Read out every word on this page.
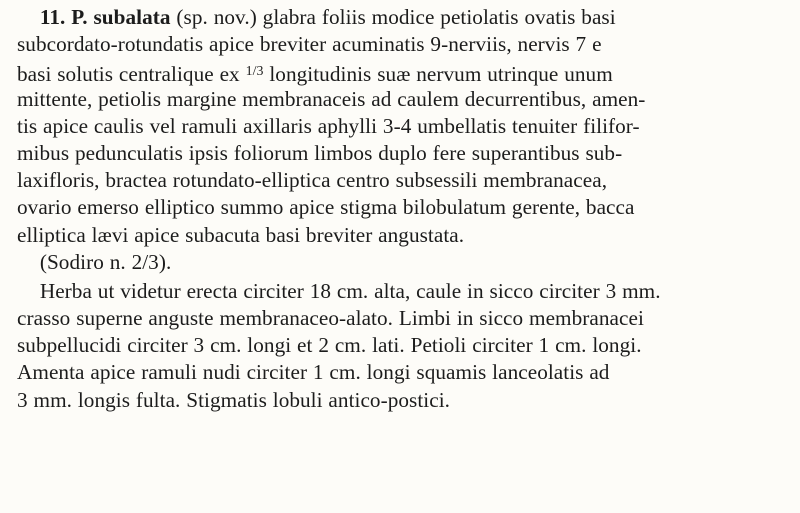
11. P. subalata (sp. nov.) glabra foliis modice petiolatis ovatis basi
subcordato-rotundatis apice breviter acuminatis 9-nerviis, nervis 7 e
basi solutis centralique ex $^{1/3}$ longitudinis suæ nervum utrinque unum
mittente, petiolis margine membranaceis ad caulem decurrentibus, amen-
tis apice caulis vel ramuli axillaris aphylli 3-4 umbellatis tenuiter filifor-
mibus pedunculatis ipsis foliorum limbos duplo fere superantibus sub-
laxifloris, bractea rotundato-elliptica centro subsessili membranacea,
ovario emerso elliptico summo apice stigma bilobulatum gerente, bacca
elliptica lævi apice subacuta basi breviter angustata.
(Sodiro n. 2/3).
Herba ut videtur erecta circiter 18 cm. alta, caule in sicco circiter 3 mm.
crasso superne anguste membranaceo-alato. Limbi in sicco membranacei
subpellucidi circiter 3 cm. longi et 2 cm. lati. Petioli circiter 1 cm. longi.
Amenta apice ramuli nudi circiter 1 cm. longi squamis lanceolatis ad
3 mm. longis fulta. Stigmatis lobuli antico-postici.
